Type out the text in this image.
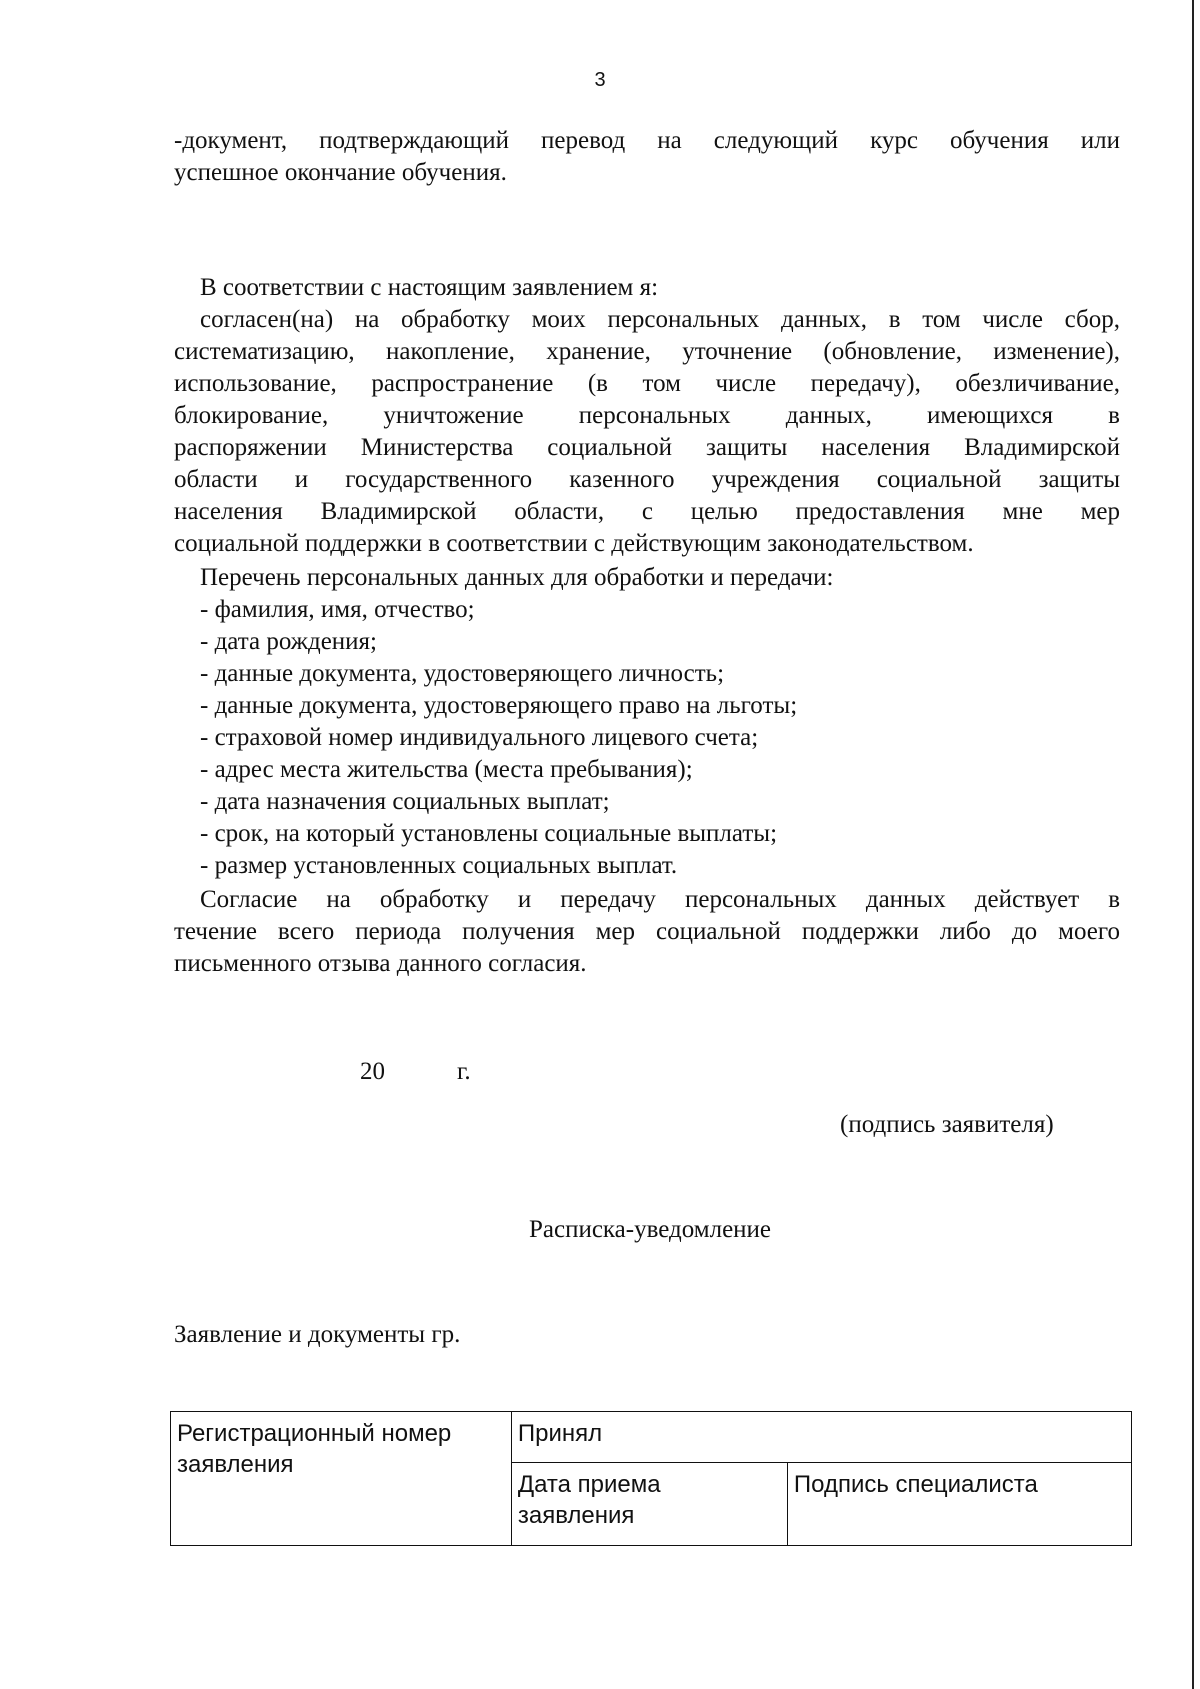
3
-документ, подтверждающий перевод на следующий курс обучения или
успешное окончание обучения.
В соответствии с настоящим заявлением я:
согласен(на) на обработку моих персональных данных, в том числе сбор,
систематизацию, накопление, хранение, уточнение (обновление, изменение),
использование, распространение (в том числе передачу), обезличивание,
блокирование, уничтожение персональных данных, имеющихся в
распоряжении Министерства социальной защиты населения Владимирской
области и государственного казенного учреждения социальной защиты
населения Владимирской области, с целью предоставления мне мер
социальной поддержки в соответствии с действующим законодательством.
Перечень персональных данных для обработки и передачи:
- фамилия, имя, отчество;
- дата рождения;
- данные документа, удостоверяющего личность;
- данные документа, удостоверяющего право на льготы;
- страховой номер индивидуального лицевого счета;
- адрес места жительства (места пребывания);
- дата назначения социальных выплат;
- срок, на который установлены социальные выплаты;
- размер установленных социальных выплат.
Согласие на обработку и передачу персональных данных действует в
течение всего периода получения мер социальной поддержки либо до моего
письменного отзыва данного согласия.
20	г.
(подпись заявителя)
Расписка-уведомление
Заявление и документы гр.
Регистрационный номер заявления	Принял	
	Дата приема заявления	Подпись специалиста
